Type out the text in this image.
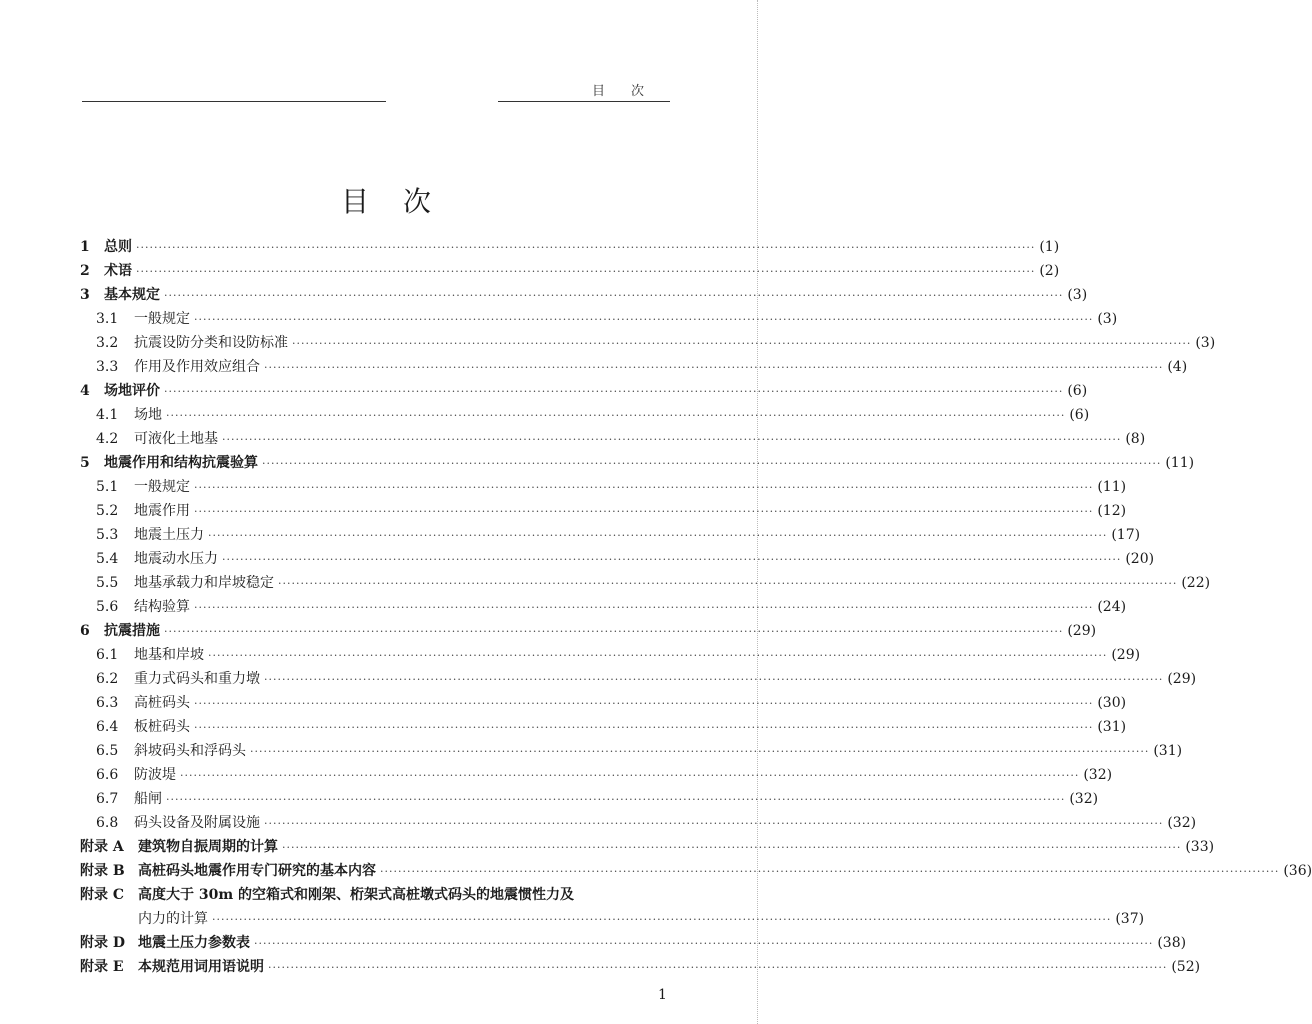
目次
目次
1 总则 ········································································································································································································ (1)
2 术语 ········································································································································································································ (2)
3 基本规定 ········································································································································································································ (3)
3.1 一般规定 ········································································································································································································ (3)
3.2 抗震设防分类和设防标准 ········································································································································································································ (3)
3.3 作用及作用效应组合 ········································································································································································································ (4)
4 场地评价 ········································································································································································································ (6)
4.1 场地 ········································································································································································································ (6)
4.2 可液化土地基 ········································································································································································································ (8)
5 地震作用和结构抗震验算 ········································································································································································································ (11)
5.1 一般规定 ········································································································································································································ (11)
5.2 地震作用 ········································································································································································································ (12)
5.3 地震土压力 ········································································································································································································ (17)
5.4 地震动水压力 ········································································································································································································ (20)
5.5 地基承载力和岸坡稳定 ········································································································································································································ (22)
5.6 结构验算 ········································································································································································································ (24)
6 抗震措施 ········································································································································································································ (29)
6.1 地基和岸坡 ········································································································································································································ (29)
6.2 重力式码头和重力墩 ········································································································································································································ (29)
6.3 高桩码头 ········································································································································································································ (30)
6.4 板桩码头 ········································································································································································································ (31)
6.5 斜坡码头和浮码头 ········································································································································································································ (31)
6.6 防波堤 ········································································································································································································ (32)
6.7 船闸 ········································································································································································································ (32)
6.8 码头设备及附属设施 ········································································································································································································ (32)
附录 A 建筑物自振周期的计算 ········································································································································································································ (33)
附录 B 高桩码头地震作用专门研究的基本内容 ········································································································································································································ (36)
附录 C 高度大于 30m 的空箱式和刚架、桁架式高桩墩式码头的地震惯性力及
内力的计算 ········································································································································································································ (37)
附录 D 地震土压力参数表 ········································································································································································································ (38)
附录 E 本规范用词用语说明 ········································································································································································································ (52)
1
